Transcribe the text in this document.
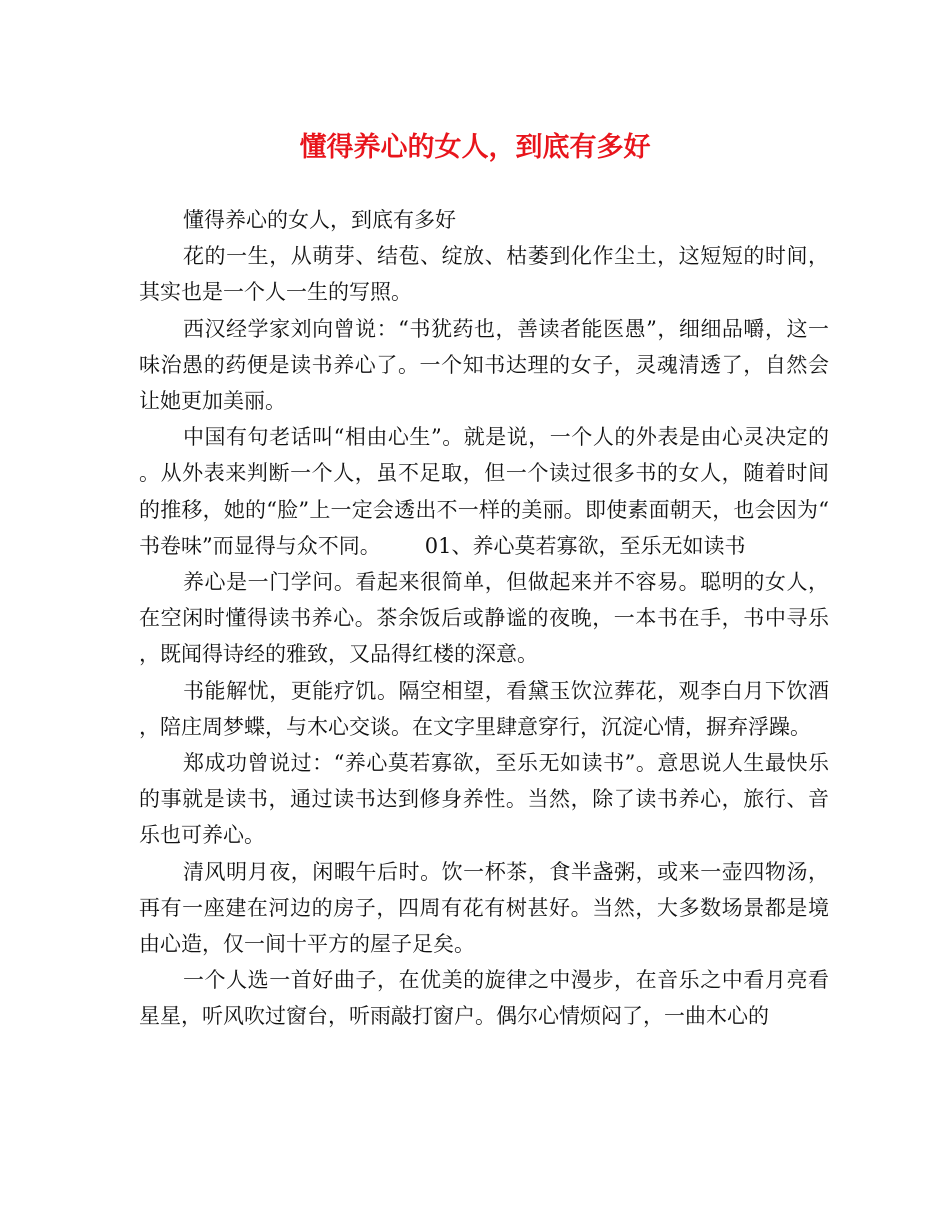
懂得养心的女人，到底有多好

懂得养心的女人，到底有多好

花的一生，从萌芽、结苞、绽放、枯萎到化作尘土，这短短的时间，其实也是一个人一生的写照。

西汉经学家刘向曾说：“书犹药也，善读者能医愚”，细细品嚼，这一味治愚的药便是读书养心了。一个知书达理的女子，灵魂清透了，自然会让她更加美丽。

中国有句老话叫“相由心生”。就是说，一个人的外表是由心灵决定的。从外表来判断一个人，虽不足取，但一个读过很多书的女人，随着时间的推移，她的“脸”上一定会透出不一样的美丽。即使素面朝天，也会因为“书卷味”而显得与众不同。 01、养心莫若寡欲，至乐无如读书

养心是一门学问。看起来很简单，但做起来并不容易。聪明的女人，在空闲时懂得读书养心。茶余饭后或静谧的夜晚，一本书在手，书中寻乐，既闻得诗经的雅致，又品得红楼的深意。

书能解忧，更能疗饥。隔空相望，看黛玉饮泣葬花，观李白月下饮酒，陪庄周梦蝶，与木心交谈。在文字里肆意穿行，沉淀心情，摒弃浮躁。

郑成功曾说过：“养心莫若寡欲，至乐无如读书”。意思说人生最快乐的事就是读书，通过读书达到修身养性。当然，除了读书养心，旅行、音乐也可养心。

清风明月夜，闲暇午后时。饮一杯茶，食半盏粥，或来一壶四物汤，再有一座建在河边的房子，四周有花有树甚好。当然，大多数场景都是境由心造，仅一间十平方的屋子足矣。

一个人选一首好曲子，在优美的旋律之中漫步，在音乐之中看月亮看星星，听风吹过窗台，听雨敲打窗户。偶尔心情烦闷了，一曲木心的
